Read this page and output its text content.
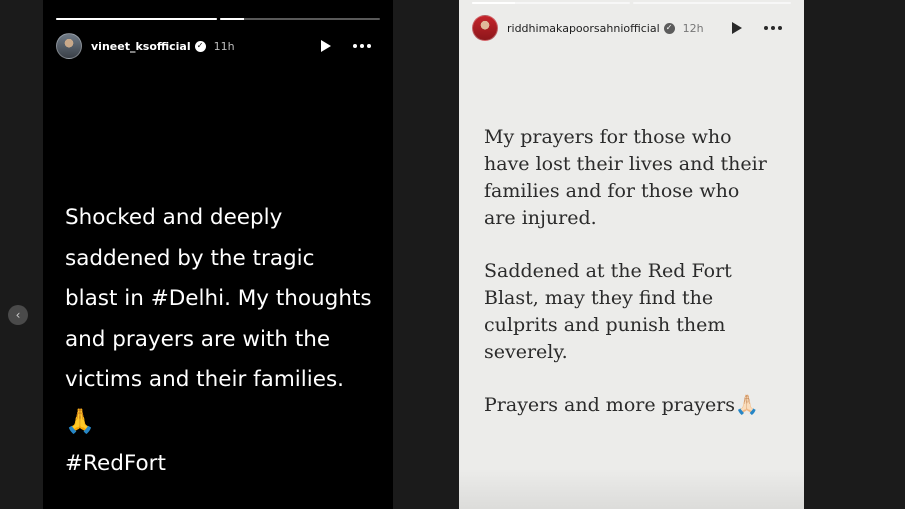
‹
vineet_ksofficial ✓ 11h
Shocked and deeply
saddened by the tragic
blast in #Delhi. My thoughts
and prayers are with the
victims and their families.
🙏
#RedFort
riddhimakapoorsahniofficial ✓ 12h
My prayers for those who
have lost their lives and their
families and for those who
are injured.
Saddened at the Red Fort
Blast, may they find the
culprits and punish them
severely.
Prayers and more prayers🙏🏻
